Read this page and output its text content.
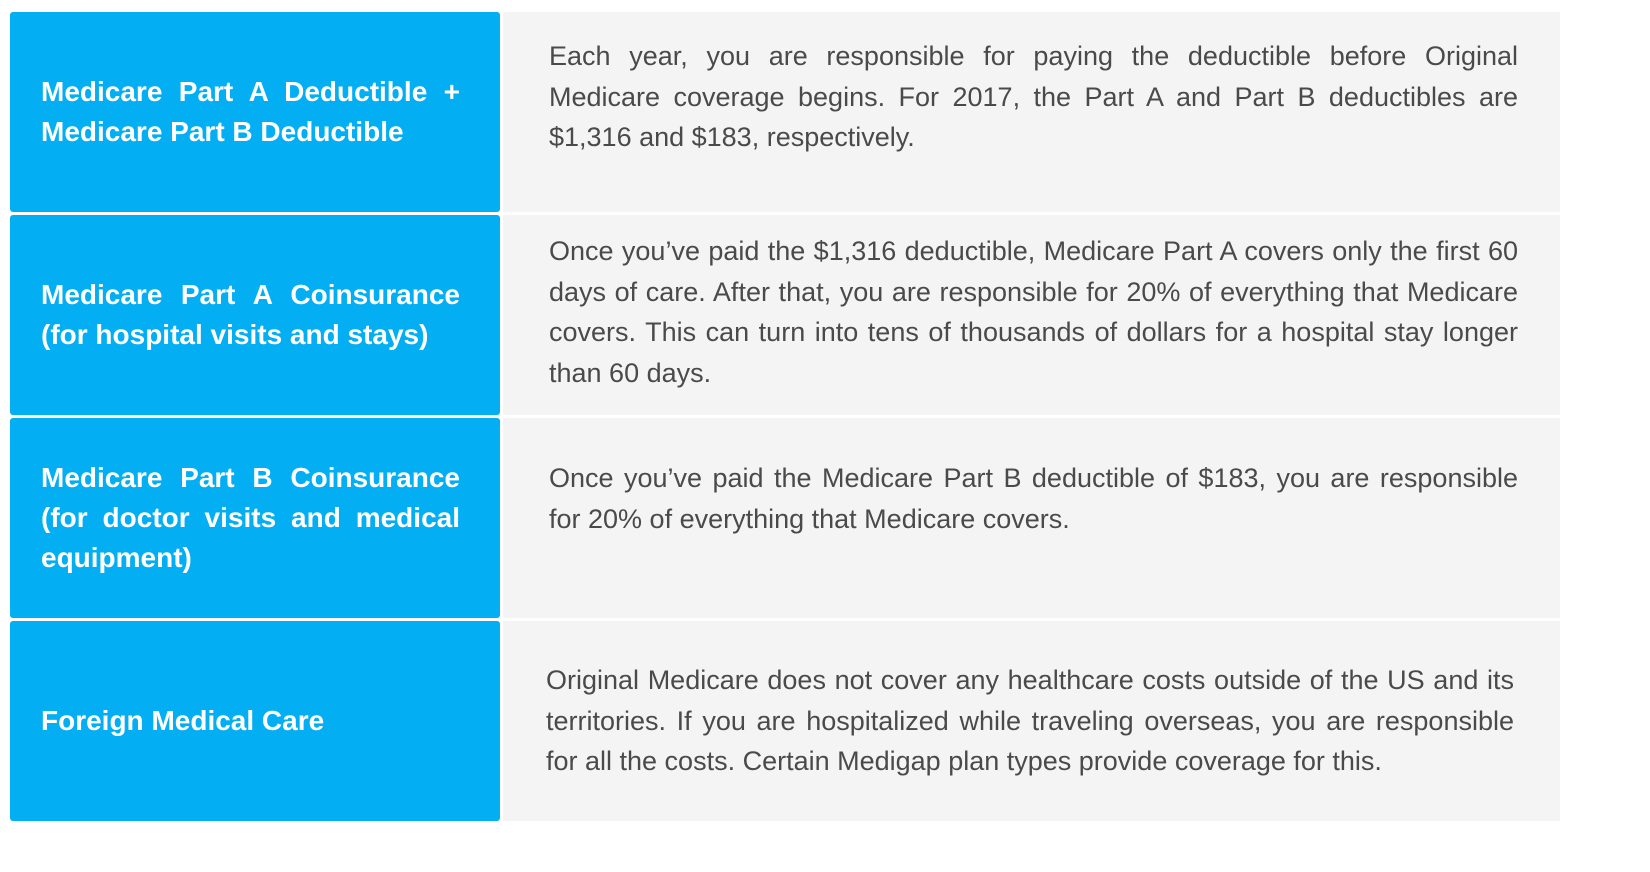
Medicare Part A Deductible + Medicare Part B Deductible
Each year, you are responsible for paying the deductible before Original Medicare coverage begins. For 2017, the Part A and Part B deductibles are $1,316 and $183, respectively.
Medicare Part A Coinsurance (for hospital visits and stays)
Once you’ve paid the $1,316 deductible, Medicare Part A covers only the first 60 days of care. After that, you are responsible for 20% of everything that Medicare covers. This can turn into tens of thousands of dollars for a hospital stay longer than 60 days.
Medicare Part B Coinsurance (for doctor visits and medical equipment)
Once you’ve paid the Medicare Part B deductible of $183, you are responsible for 20% of everything that Medicare covers.
Foreign Medical Care
Original Medicare does not cover any healthcare costs outside of the US and its territories. If you are hospitalized while traveling overseas, you are responsible for all the costs. Certain Medigap plan types provide coverage for this.
